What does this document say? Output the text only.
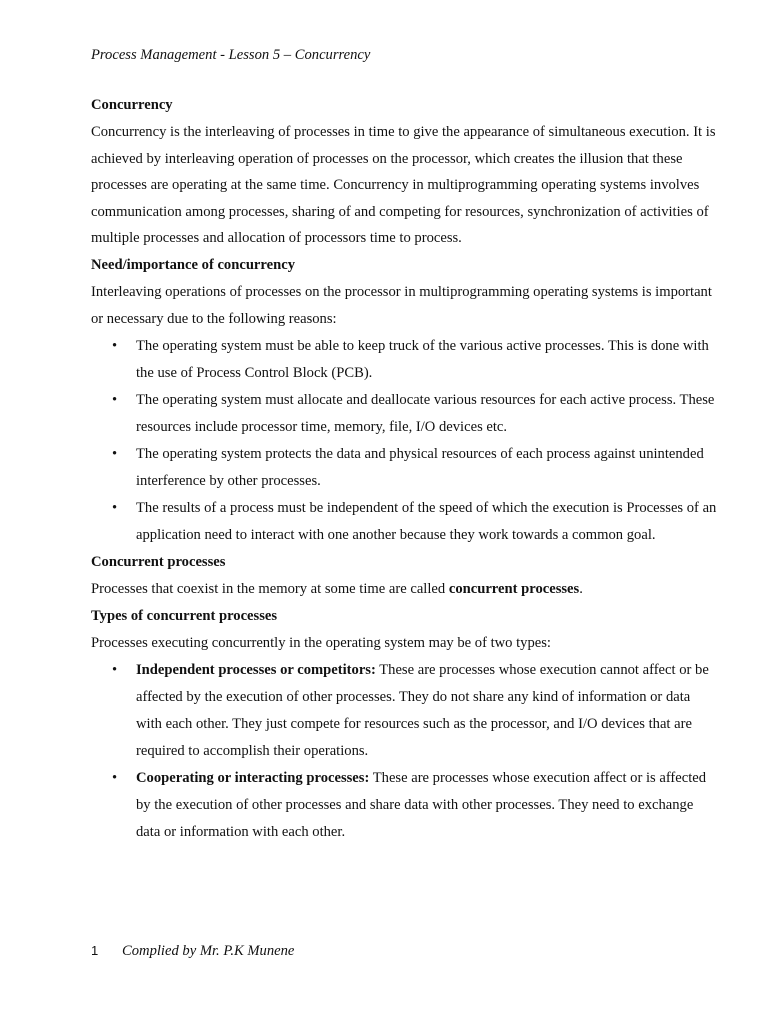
Process Management - Lesson 5 – Concurrency

Concurrency

Concurrency is the interleaving of processes in time to give the appearance of simultaneous execution. It is achieved by interleaving operation of processes on the processor, which creates the illusion that these processes are operating at the same time. Concurrency in multiprogramming operating systems involves communication among processes, sharing of and competing for resources, synchronization of activities of multiple processes and allocation of processors time to process.

Need/importance of concurrency

Interleaving operations of processes on the processor in multiprogramming operating systems is important or necessary due to the following reasons:

• The operating system must be able to keep truck of the various active processes. This is done with the use of Process Control Block (PCB).
• The operating system must allocate and deallocate various resources for each active process. These resources include processor time, memory, file, I/O devices etc.
• The operating system protects the data and physical resources of each process against unintended interference by other processes.
• The results of a process must be independent of the speed of which the execution is Processes of an application need to interact with one another because they work towards a common goal.

Concurrent processes

Processes that coexist in the memory at some time are called concurrent processes.

Types of concurrent processes

Processes executing concurrently in the operating system may be of two types:

• Independent processes or competitors: These are processes whose execution cannot affect or be affected by the execution of other processes. They do not share any kind of information or data with each other. They just compete for resources such as the processor, and I/O devices that are required to accomplish their operations.
• Cooperating or interacting processes: These are processes whose execution affect or is affected by the execution of other processes and share data with other processes. They need to exchange data or information with each other.
1 Complied by Mr. P.K Munene
